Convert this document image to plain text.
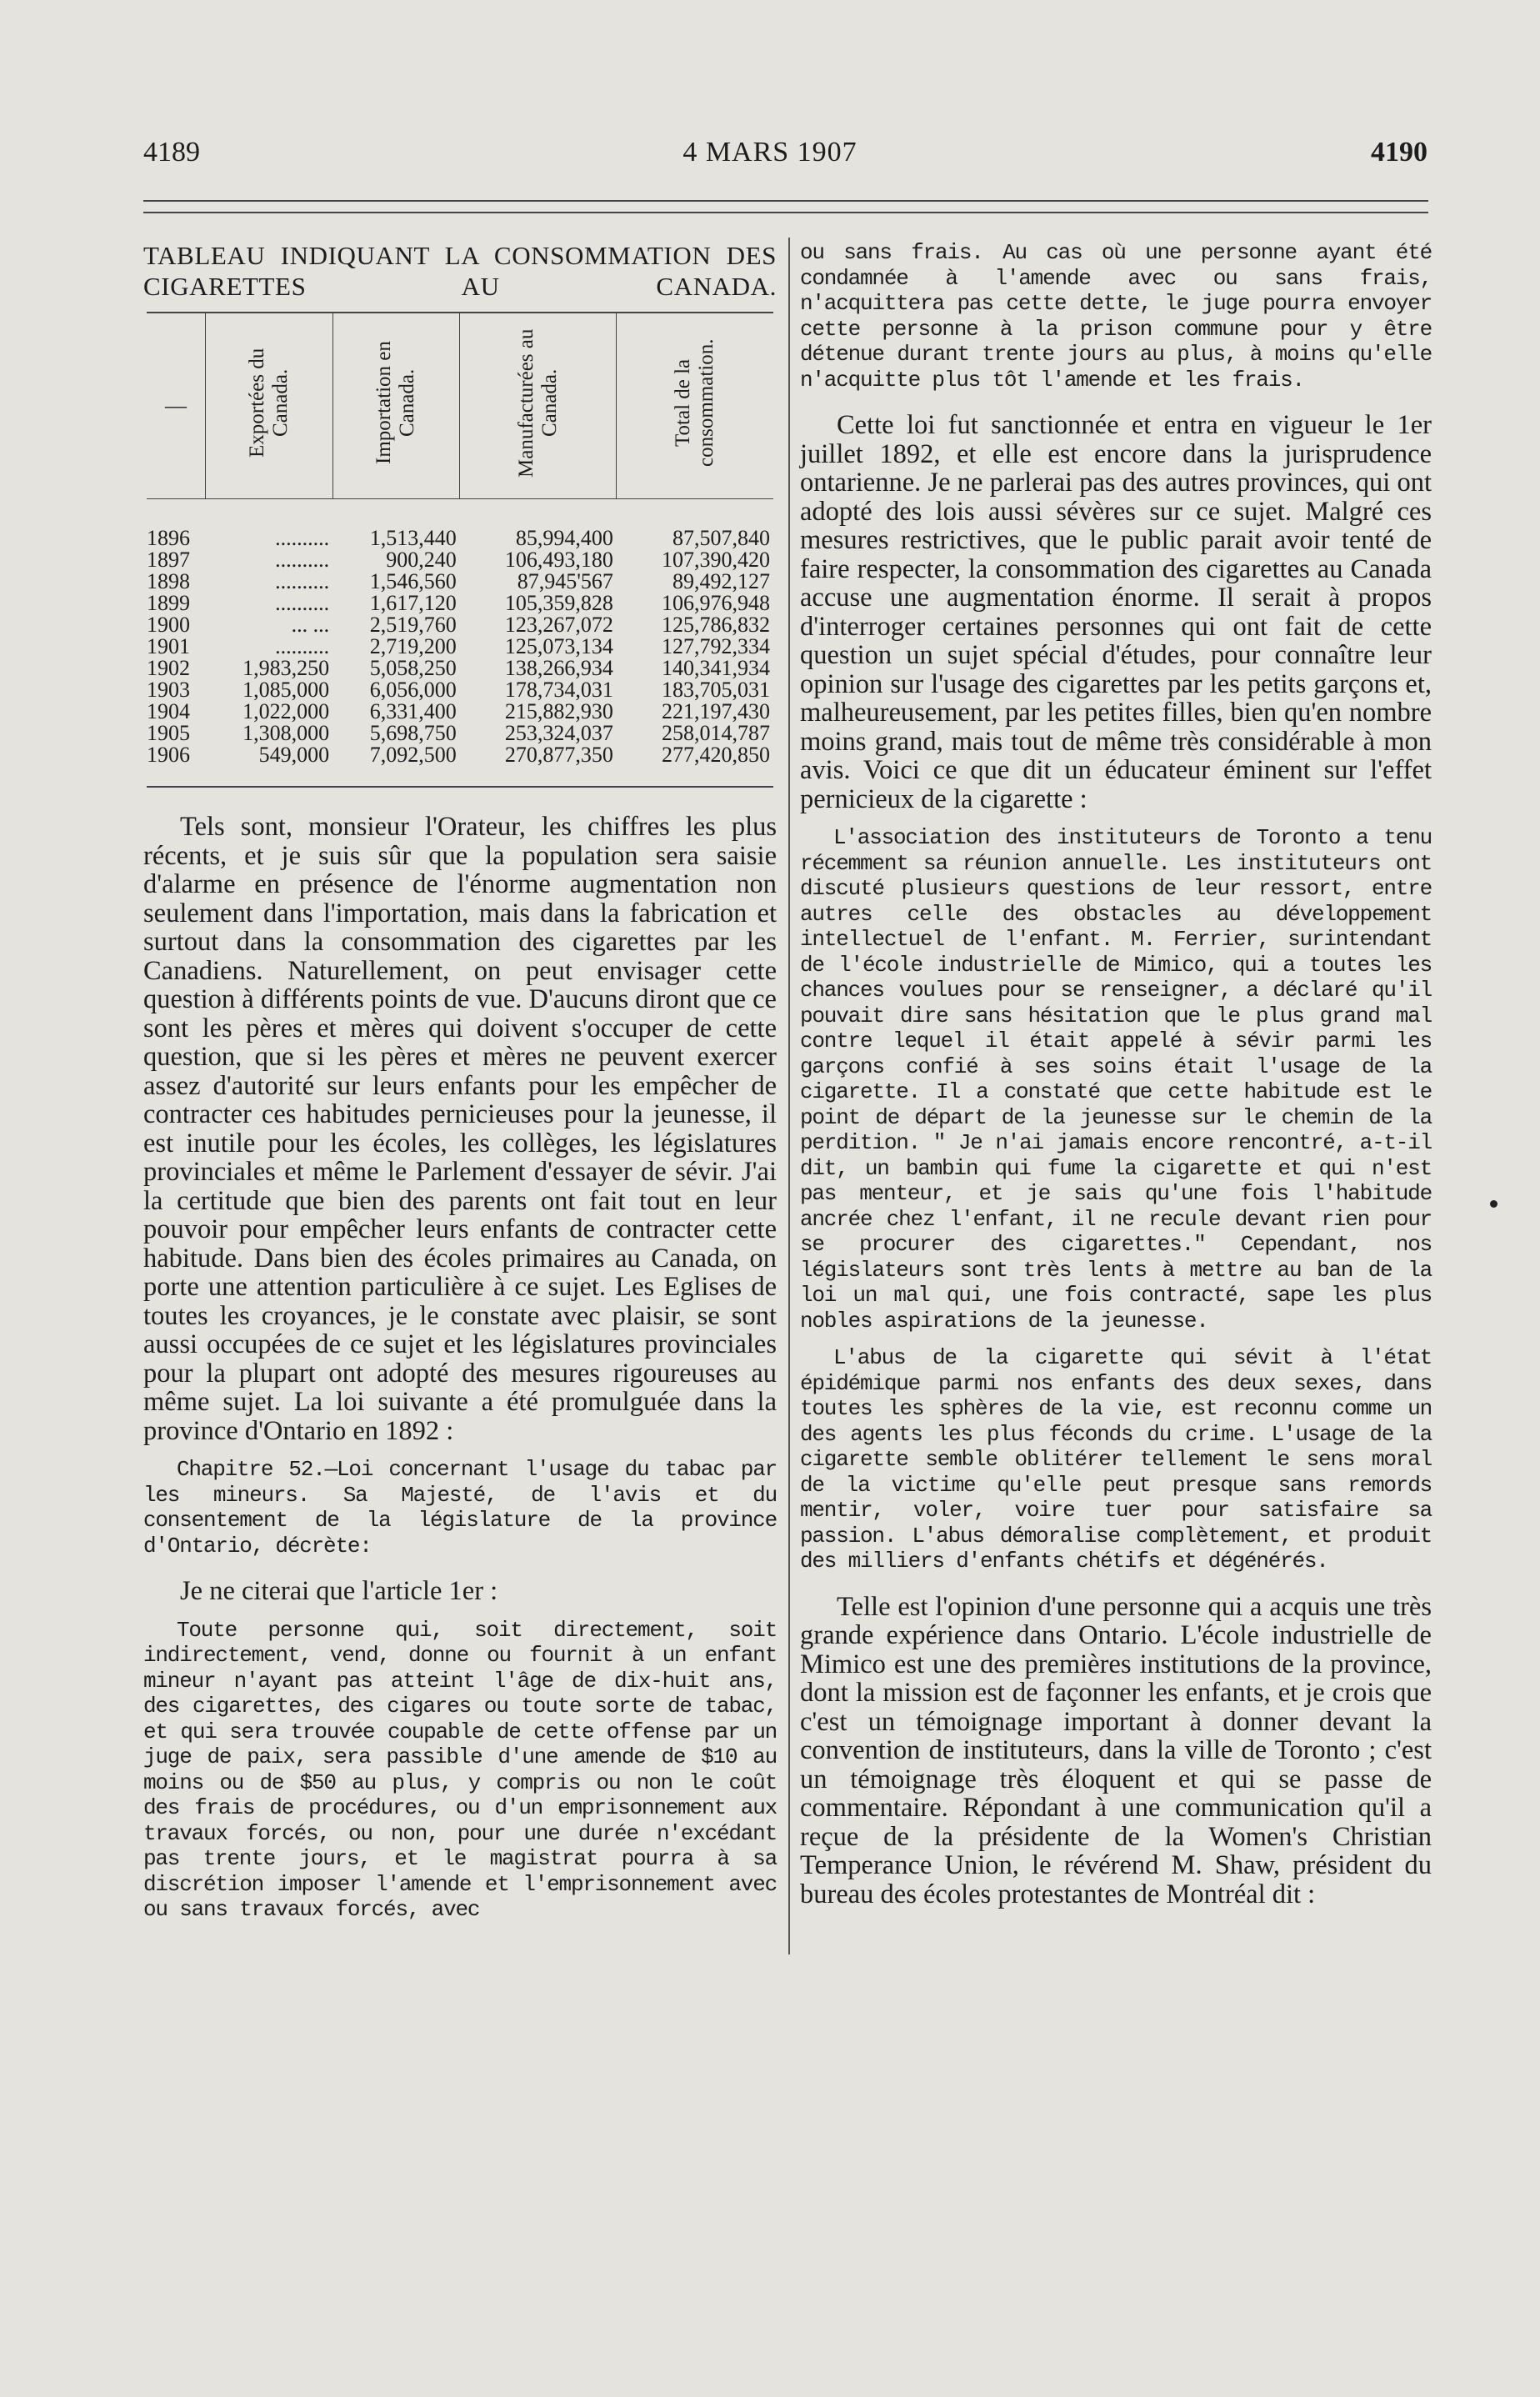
4189	4 MARS 1907	4190
TABLEAU INDIQUANT LA CONSOMMATION DES CIGARETTES AU CANADA.
—	Exportées du Canada.	Importation en Canada.	Manufacturées au Canada.	Total de la consommation.
1896	..........	1,513,440	85,994,400	87,507,840
1897	..........	900,240	106,493,180	107,390,420
1898	..........	1,546,560	87,945'567	89,492,127
1899	..........	1,617,120	105,359,828	106,976,948
1900	... ...	2,519,760	123,267,072	125,786,832
1901	..........	2,719,200	125,073,134	127,792,334
1902	1,983,250	5,058,250	138,266,934	140,341,934
1903	1,085,000	6,056,000	178,734,031	183,705,031
1904	1,022,000	6,331,400	215,882,930	221,197,430
1905	1,308,000	5,698,750	253,324,037	258,014,787
1906	549,000	7,092,500	270,877,350	277,420,850

Tels sont, monsieur l'Orateur, les chiffres les plus récents, et je suis sûr que la population sera saisie d'alarme en présence de l'énorme augmentation non seulement dans l'importation, mais dans la fabrication et surtout dans la consommation des cigarettes par les Canadiens. Naturellement, on peut envisager cette question à différents points de vue. D'aucuns diront que ce sont les pères et mères qui doivent s'occuper de cette question, que si les pères et mères ne peuvent exercer assez d'autorité sur leurs enfants pour les empêcher de contracter ces habitudes pernicieuses pour la jeunesse, il est inutile pour les écoles, les collèges, les législatures provinciales et même le Parlement d'essayer de sévir. J'ai la certitude que bien des parents ont fait tout en leur pouvoir pour empêcher leurs enfants de contracter cette habitude. Dans bien des écoles primaires au Canada, on porte une attention particulière à ce sujet. Les Eglises de toutes les croyances, je le constate avec plaisir, se sont aussi occupées de ce sujet et les législatures provinciales pour la plupart ont adopté des mesures rigoureuses au même sujet. La loi suivante a été promulguée dans la province d'Ontario en 1892 :

Chapitre 52.—Loi concernant l'usage du tabac par les mineurs. Sa Majesté, de l'avis et du consentement de la législature de la province d'Ontario, décrète:

Je ne citerai que l'article 1er :

Toute personne qui, soit directement, soit indirectement, vend, donne ou fournit à un enfant mineur n'ayant pas atteint l'âge de dix-huit ans, des cigarettes, des cigares ou toute sorte de tabac, et qui sera trouvée coupable de cette offense par un juge de paix, sera passible d'une amende de $10 au moins ou de $50 au plus, y compris ou non le coût des frais de procédures, ou d'un emprisonnement aux travaux forcés, ou non, pour une durée n'excédant pas trente jours, et le magistrat pourra à sa discrétion imposer l'amende et l'emprisonnement avec ou sans travaux forcés, avec

ou sans frais. Au cas où une personne ayant été condamnée à l'amende avec ou sans frais, n'acquittera pas cette dette, le juge pourra envoyer cette personne à la prison commune pour y être détenue durant trente jours au plus, à moins qu'elle n'acquitte plus tôt l'amende et les frais.

Cette loi fut sanctionnée et entra en vigueur le 1er juillet 1892, et elle est encore dans la jurisprudence ontarienne. Je ne parlerai pas des autres provinces, qui ont adopté des lois aussi sévères sur ce sujet. Malgré ces mesures restrictives, que le public parait avoir tenté de faire respecter, la consommation des cigarettes au Canada accuse une augmentation énorme. Il serait à propos d'interroger certaines personnes qui ont fait de cette question un sujet spécial d'études, pour connaître leur opinion sur l'usage des cigarettes par les petits garçons et, malheureusement, par les petites filles, bien qu'en nombre moins grand, mais tout de même très considérable à mon avis. Voici ce que dit un éducateur éminent sur l'effet pernicieux de la cigarette :

L'association des instituteurs de Toronto a tenu récemment sa réunion annuelle. Les instituteurs ont discuté plusieurs questions de leur ressort, entre autres celle des obstacles au développement intellectuel de l'enfant. M. Ferrier, surintendant de l'école industrielle de Mimico, qui a toutes les chances voulues pour se renseigner, a déclaré qu'il pouvait dire sans hésitation que le plus grand mal contre lequel il était appelé à sévir parmi les garçons confié à ses soins était l'usage de la cigarette. Il a constaté que cette habitude est le point de départ de la jeunesse sur le chemin de la perdition. " Je n'ai jamais encore rencontré, a-t-il dit, un bambin qui fume la cigarette et qui n'est pas menteur, et je sais qu'une fois l'habitude ancrée chez l'enfant, il ne recule devant rien pour se procurer des cigarettes." Cependant, nos législateurs sont très lents à mettre au ban de la loi un mal qui, une fois contracté, sape les plus nobles aspirations de la jeunesse.

L'abus de la cigarette qui sévit à l'état épidémique parmi nos enfants des deux sexes, dans toutes les sphères de la vie, est reconnu comme un des agents les plus féconds du crime. L'usage de la cigarette semble oblitérer tellement le sens moral de la victime qu'elle peut presque sans remords mentir, voler, voire tuer pour satisfaire sa passion. L'abus démoralise complètement, et produit des milliers d'enfants chétifs et dégénérés.

Telle est l'opinion d'une personne qui a acquis une très grande expérience dans Ontario. L'école industrielle de Mimico est une des premières institutions de la province, dont la mission est de façonner les enfants, et je crois que c'est un témoignage important à donner devant la convention de instituteurs, dans la ville de Toronto ; c'est un témoignage très éloquent et qui se passe de commentaire. Répondant à une communication qu'il a reçue de la présidente de la Women's Christian Temperance Union, le révérend M. Shaw, président du bureau des écoles protestantes de Montréal dit :
